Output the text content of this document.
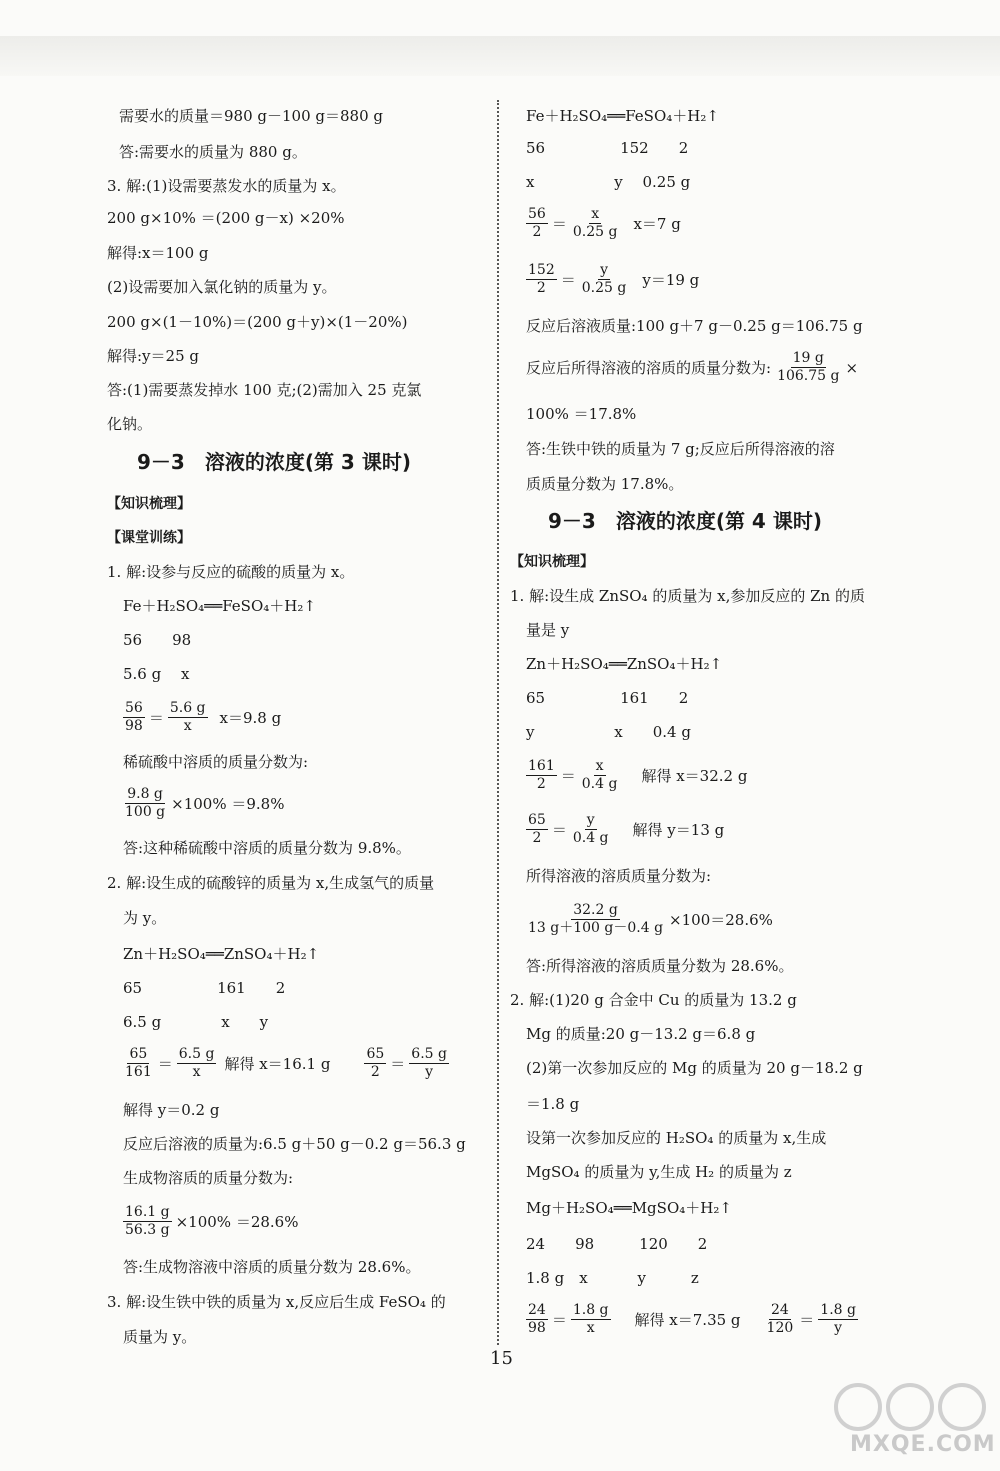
需要水的质量＝980 g－100 g＝880 g
答:需要水的质量为 880 g。
3. 解:(1)设需要蒸发水的质量为 x。
200 g×10% ＝(200 g－x) ×20%
解得:x＝100 g
(2)设需要加入氯化钠的质量为 y。
200 g×(1－10%)＝(200 g＋y)×(1－20%)
解得:y＝25 g
答:(1)需要蒸发掉水 100 克;(2)需加入 25 克氯
化钠。
9－3　溶液的浓度(第 3 课时)
【知识梳理】
【课堂训练】
1. 解:设参与反应的硫酸的质量为 x。
Fe＋H₂SO₄══FeSO₄＋H₂↑
56　　98
5.6 g　 x
$\frac{56}{98} = \frac{5.6 g}{x} x=9.8$ g
稀硫酸中溶质的质量分数为:
$\frac{9.8 g}{100 g} \times 100\% =9.8\%$
答:这种稀硫酸中溶质的质量分数为 9.8%。
2. 解:设生成的硫酸锌的质量为 x,生成氢气的质量
为 y。
Zn＋H₂SO₄══ZnSO₄＋H₂↑
65　　　　　161　　2
6.5 g　　　　x　　y
$\frac{65}{161} = \frac{6.5 g}{x}$ 解得 x＝16.1 g $\frac{65}{2} = \frac{6.5 g}{y}$
解得 y＝0.2 g
反应后溶液的质量为:6.5 g＋50 g－0.2 g＝56.3 g
生成物溶质的质量分数为:
$\frac{16.1 g}{56.3 g} \times 100\% =28.6\%$
答:生成物溶液中溶质的质量分数为 28.6%。
3. 解:设生铁中铁的质量为 x,反应后生成 FeSO₄ 的
质量为 y。
Fe＋H₂SO₄══FeSO₄＋H₂↑
56　　　　　152　　2
x　　　　　 y　 0.25 g
$\frac{56}{2} = \frac{x}{0.25 g} x=7$ g
$\frac{152}{2} = \frac{y}{0.25 g} y=19$ g
反应后溶液质量:100 g＋7 g－0.25 g＝106.75 g
反应后所得溶液的溶质的质量分数为: $\frac{19 g}{106.75 g}$ ×
100% ＝17.8%
答:生铁中铁的质量为 7 g;反应后所得溶液的溶
质质量分数为 17.8%。
9－3　溶液的浓度(第 4 课时)
【知识梳理】
1. 解:设生成 ZnSO₄ 的质量为 x,参加反应的 Zn 的质
量是 y
Zn＋H₂SO₄══ZnSO₄＋H₂↑
65　　　　　161　　2
y　　　　　 x　　0.4 g
$\frac{161}{2} = \frac{x}{0.4 g}$ 解得 x＝32.2 g
$\frac{65}{2} = \frac{y}{0.4 g}$ 解得 y＝13 g
所得溶液的溶质质量分数为:
$\frac{32.2 g}{13 g+100 g-0.4 g} \times 100=28.6\%$
答:所得溶液的溶质质量分数为 28.6%。
2. 解:(1)20 g 合金中 Cu 的质量为 13.2 g
Mg 的质量:20 g－13.2 g＝6.8 g
(2)第一次参加反应的 Mg 的质量为 20 g－18.2 g
＝1.8 g
设第一次参加反应的 H₂SO₄ 的质量为 x,生成
MgSO₄ 的质量为 y,生成 H₂ 的质量为 z
Mg＋H₂SO₄══MgSO₄＋H₂↑
24　　98　　　120　　2
1.8 g　x　　　 y　　　z
$\frac{24}{98} = \frac{1.8 g}{x}$ 解得 x＝7.35 g $\frac{24}{120} = \frac{1.8 g}{y}$
15
MXQE.COM
